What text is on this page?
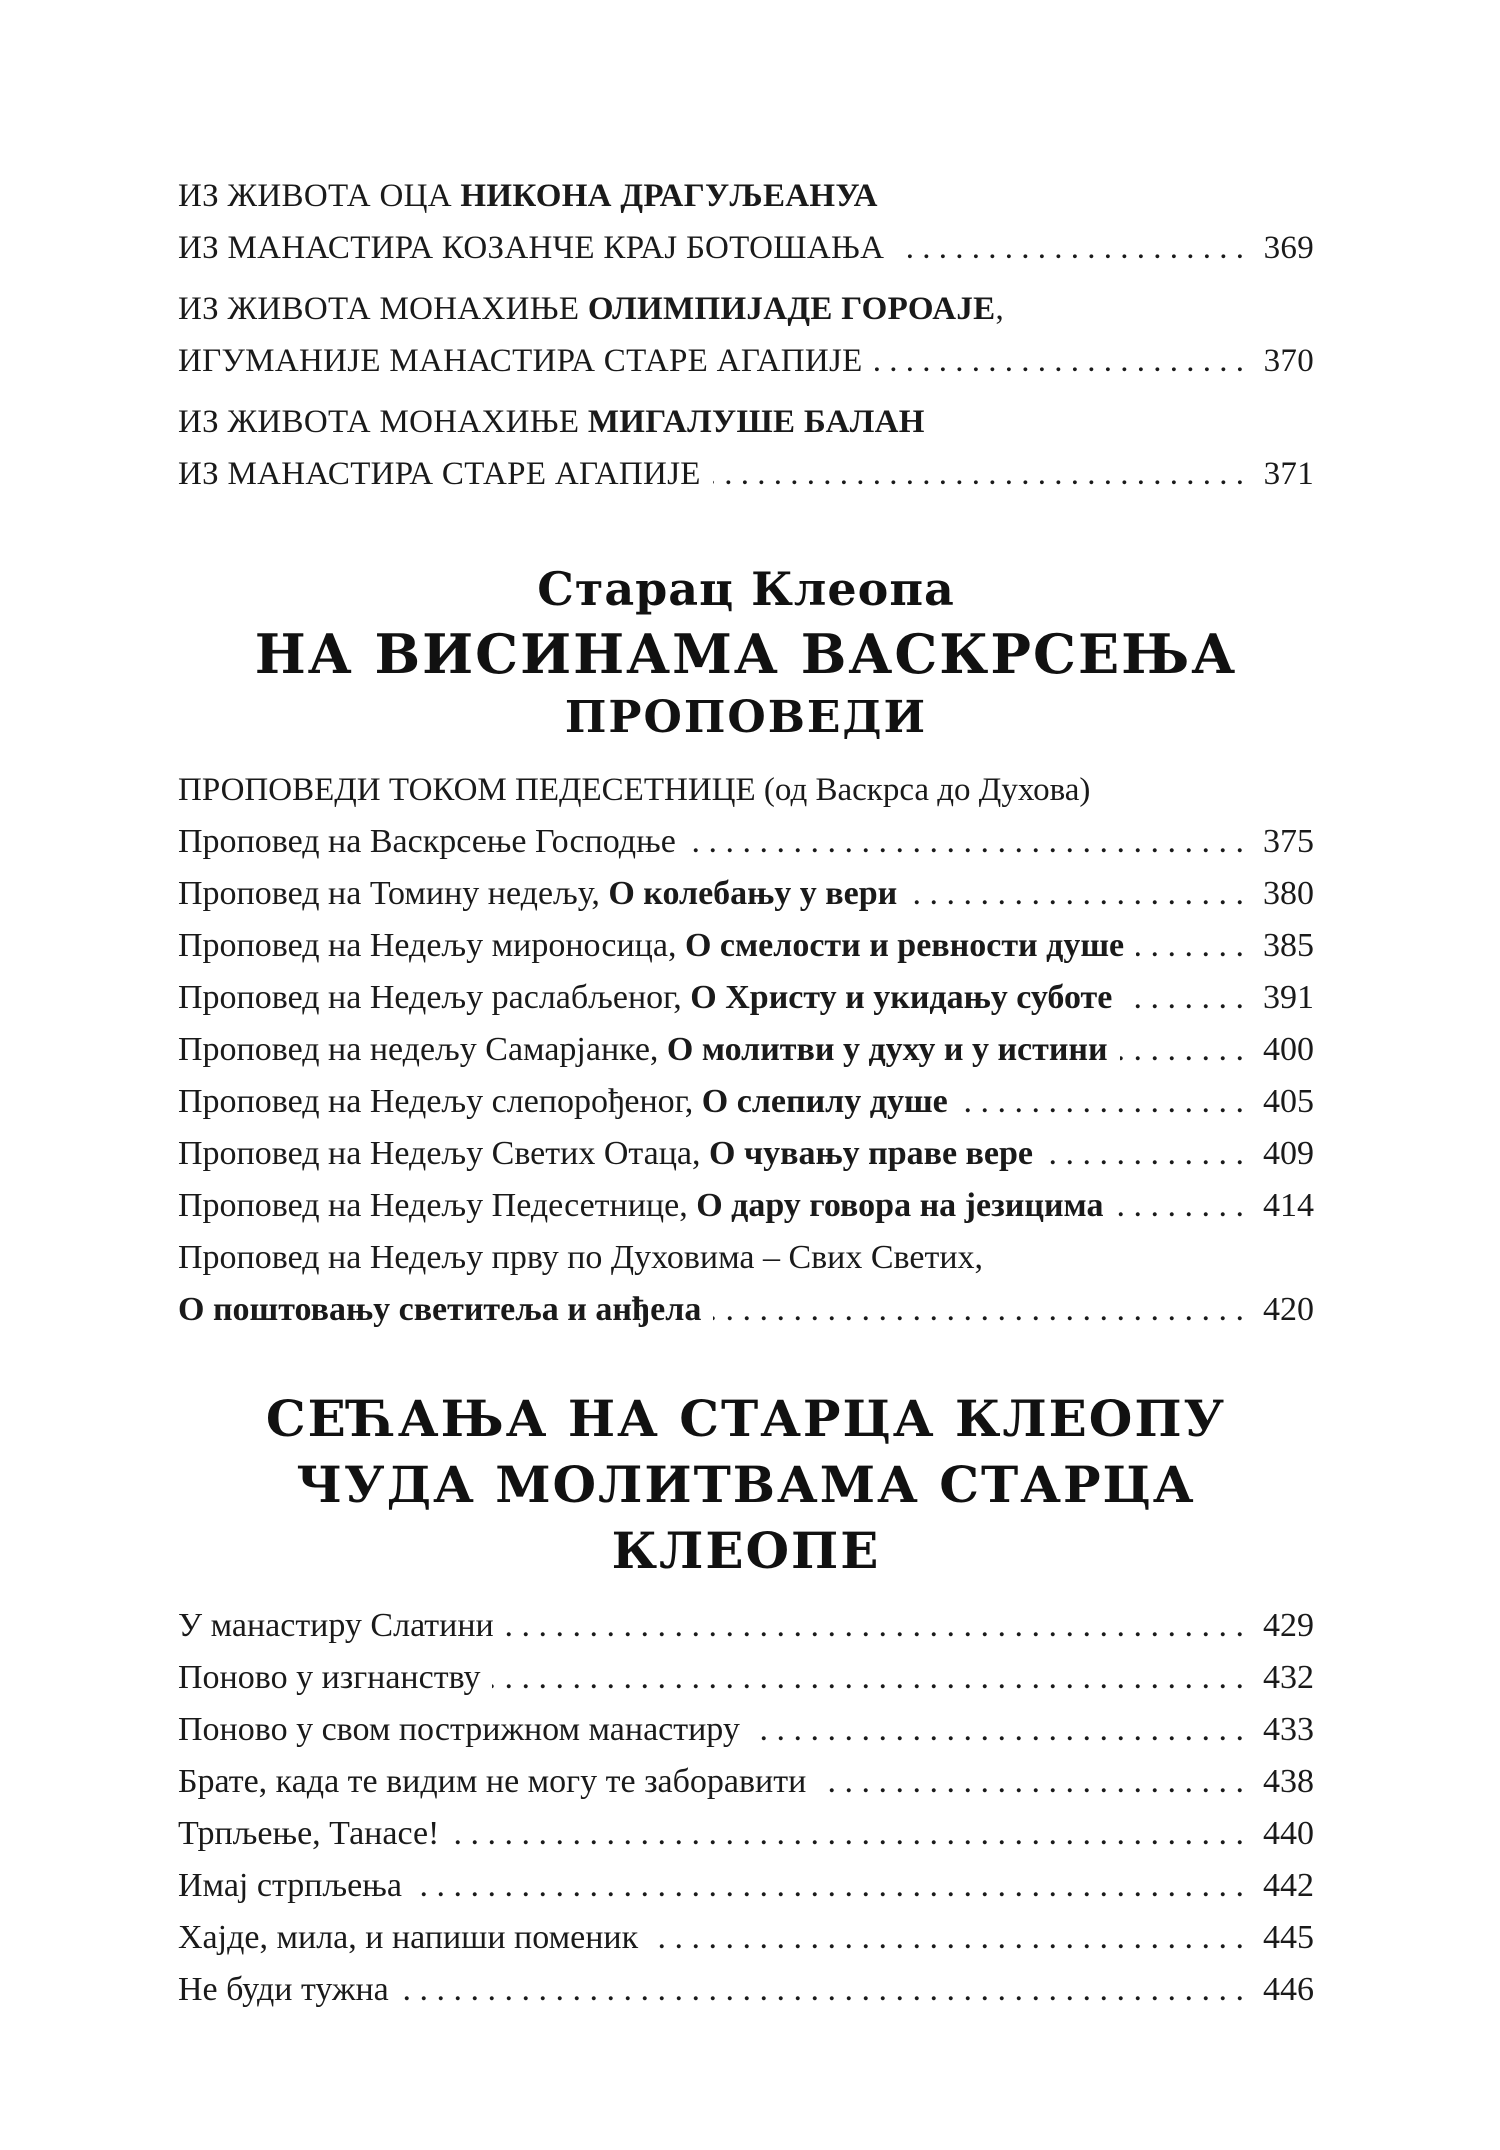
ИЗ ЖИВОТА ОЦА НИКОНА ДРАГУЉЕАНУА
ИЗ МАНАСТИРА КОЗАНЧЕ КРАЈ БОТОШАЊА . . .	369
ИЗ ЖИВОТА МОНАХИЊЕ ОЛИМПИЈАДЕ ГОРОАЈЕ,
ИГУМАНИЈЕ МАНАСТИРА СТАРЕ АГАПИЈЕ . . .	370
ИЗ ЖИВОТА МОНАХИЊЕ МИГАЛУШЕ БАЛАН
ИЗ МАНАСТИРА СТАРЕ АГАПИЈЕ . . .	371
Старац Клеопа
НА ВИСИНАМА ВАСКРСЕЊА
ПРОПОВЕДИ
ПРОПОВЕДИ ТОКОМ ПЕДЕСЕТНИЦЕ (од Васкрса до Духова)
Проповед на Васкрсење Господње . . .	375
Проповед на Томину недељу, О колебању у вери . . .	380
Проповед на Недељу мироносица, О смелости и ревности душе . . .	385
Проповед на Недељу раслабљеног, О Христу и укидању суботе . . .	391
Проповед на недељу Самарјанке, О молитви у духу и у истини . . .	400
Проповед на Недељу слепорођеног, О слепилу душе . . .	405
Проповед на Недељу Светих Отаца, О чувању праве вере . . .	409
Проповед на Недељу Педесетнице, О дару говора на језицима . . .	414
Проповед на Недељу прву по Духовима – Свих Светих,
О поштовању светитеља и анђела . . .	420
СЕЋАЊА НА СТАРЦА КЛЕОПУ
ЧУДА МОЛИТВАМА СТАРЦА КЛЕОПЕ
У манастиру Слатини . . .	429
Поново у изгнанству . . .	432
Поново у свом пострижном манастиру . . .	433
Брате, када те видим не могу те заборавити . . .	438
Трпљење, Танасе! . . .	440
Имај стрпљења . . .	442
Хајде, мила, и напиши поменик . . .	445
Не буди тужна . . .	446
